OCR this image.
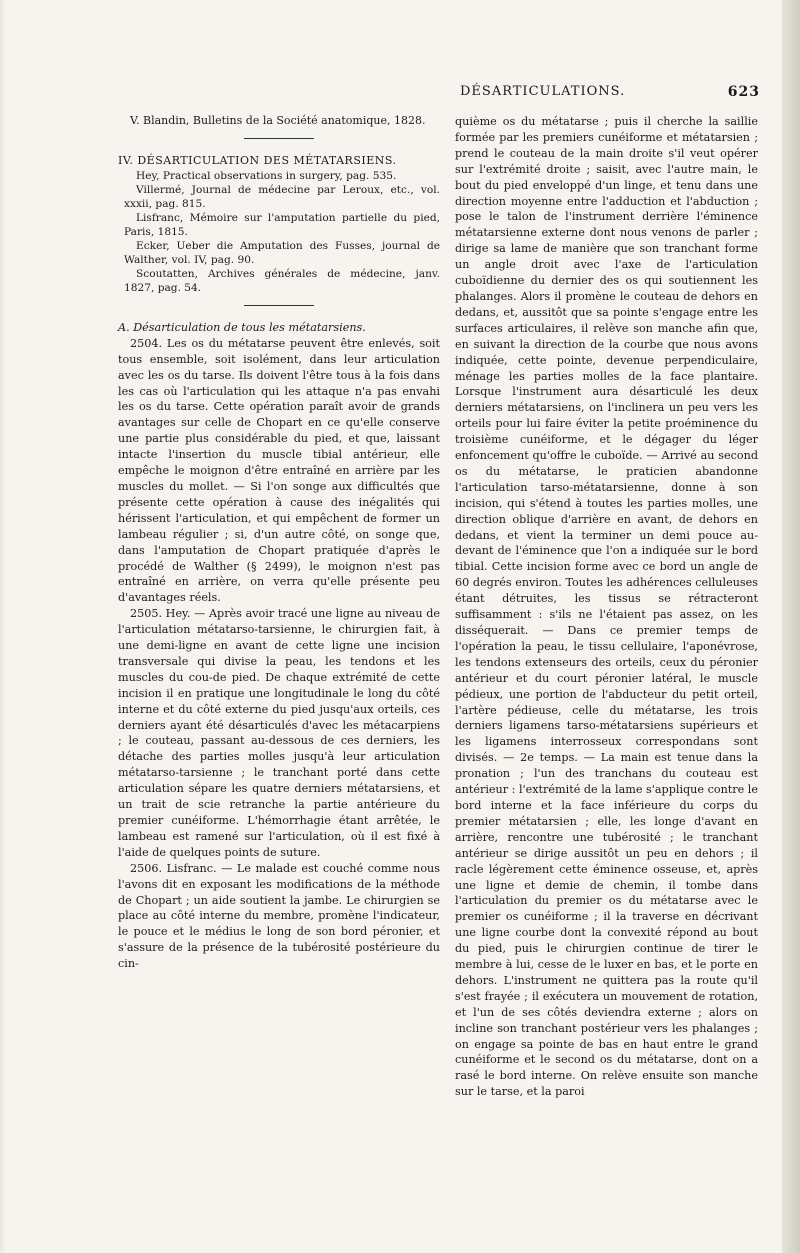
DÉSARTICULATIONS.	623

V. Blandin, Bulletins de la Société anatomique, 1828.

IV. DÉSARTICULATION DES MÉTATARSIENS.

Hey, Practical observations in surgery, pag. 535.

Villermé, Journal de médecine par Leroux, etc., vol. xxxii, pag. 815.

Lisfranc, Mémoire sur l'amputation partielle du pied, Paris, 1815.

Ecker, Ueber die Amputation des Fusses, journal de Walther, vol. IV, pag. 90.

Scoutatten, Archives générales de médecine, janv. 1827, pag. 54.

A. Désarticulation de tous les métatarsiens.

2504. Les os du métatarse peuvent être enlevés, soit tous ensemble, soit isolément, dans leur articulation avec les os du tarse. Ils doivent l'être tous à la fois dans les cas où l'articulation qui les attaque n'a pas envahi les os du tarse. Cette opération paraît avoir de grands avantages sur celle de Chopart en ce qu'elle conserve une partie plus considérable du pied, et que, laissant intacte l'insertion du muscle tibial antérieur, elle empêche le moignon d'être entraîné en arrière par les muscles du mollet. — Si l'on songe aux difficultés que présente cette opération à cause des inégalités qui hérissent l'articulation, et qui empêchent de former un lambeau régulier ; si, d'un autre côté, on songe que, dans l'amputation de Chopart pratiquée d'après le procédé de Walther (§ 2499), le moignon n'est pas entraîné en arrière, on verra qu'elle présente peu d'avantages réels.

2505. Hey. — Après avoir tracé une ligne au niveau de l'articulation métatarso-tarsienne, le chirurgien fait, à une demi-ligne en avant de cette ligne une incision transversale qui divise la peau, les tendons et les muscles du cou-de pied. De chaque extrémité de cette incision il en pratique une longitudinale le long du côté interne et du côté externe du pied jusqu'aux orteils, ces derniers ayant été désarticulés d'avec les métacarpiens ; le couteau, passant au-dessous de ces derniers, les détache des parties molles jusqu'à leur articulation métatarso-tarsienne ; le tranchant porté dans cette articulation sépare les quatre derniers métatarsiens, et un trait de scie retranche la partie antérieure du premier cunéiforme. L'hémorrhagie étant arrêtée, le lambeau est ramené sur l'articulation, où il est fixé à l'aide de quelques points de suture.

2506. Lisfranc. — Le malade est couché comme nous l'avons dit en exposant les modifications de la méthode de Chopart ; un aide soutient la jambe. Le chirurgien se place au côté interne du membre, promène l'indicateur, le pouce et le médius le long de son bord péronier, et s'assure de la présence de la tubérosité postérieure du cin-

quième os du métatarse ; puis il cherche la saillie formée par les premiers cunéiforme et métatarsien ; prend le couteau de la main droite s'il veut opérer sur l'extrémité droite ; saisit, avec l'autre main, le bout du pied enveloppé d'un linge, et tenu dans une direction moyenne entre l'adduction et l'abduction ; pose le talon de l'instrument derrière l'éminence métatarsienne externe dont nous venons de parler ; dirige sa lame de manière que son tranchant forme un angle droit avec l'axe de l'articulation cuboïdienne du dernier des os qui soutiennent les phalanges. Alors il promène le couteau de dehors en dedans, et, aussitôt que sa pointe s'engage entre les surfaces articulaires, il relève son manche afin que, en suivant la direction de la courbe que nous avons indiquée, cette pointe, devenue perpendiculaire, ménage les parties molles de la face plantaire. Lorsque l'instrument aura désarticulé les deux derniers métatarsiens, on l'inclinera un peu vers les orteils pour lui faire éviter la petite proéminence du troisième cunéiforme, et le dégager du léger enfoncement qu'offre le cuboïde. — Arrivé au second os du métatarse, le praticien abandonne l'articulation tarso-métatarsienne, donne à son incision, qui s'étend à toutes les parties molles, une direction oblique d'arrière en avant, de dehors en dedans, et vient la terminer un demi pouce au-devant de l'éminence que l'on a indiquée sur le bord tibial. Cette incision forme avec ce bord un angle de 60 degrés environ. Toutes les adhérences celluleuses étant détruites, les tissus se rétracteront suffisamment : s'ils ne l'étaient pas assez, on les disséquerait. — Dans ce premier temps de l'opération la peau, le tissu cellulaire, l'aponévrose, les tendons extenseurs des orteils, ceux du péronier antérieur et du court péronier latéral, le muscle pédieux, une portion de l'abducteur du petit orteil, l'artère pédieuse, celle du métatarse, les trois derniers ligamens tarso-métatarsiens supérieurs et les ligamens interrosseux correspondans sont divisés. — 2e temps. — La main est tenue dans la pronation ; l'un des tranchans du couteau est antérieur : l'extrémité de la lame s'applique contre le bord interne et la face inférieure du corps du premier métatarsien ; elle, les longe d'avant en arrière, rencontre une tubérosité ; le tranchant antérieur se dirige aussitôt un peu en dehors ; il racle légèrement cette éminence osseuse, et, après une ligne et demie de chemin, il tombe dans l'articulation du premier os du métatarse avec le premier os cunéiforme ; il la traverse en décrivant une ligne courbe dont la convexité répond au bout du pied, puis le chirurgien continue de tirer le membre à lui, cesse de le luxer en bas, et le porte en dehors. L'instrument ne quittera pas la route qu'il s'est frayée ; il exécutera un mouvement de rotation, et l'un de ses côtés deviendra externe ; alors on incline son tranchant postérieur vers les phalanges ; on engage sa pointe de bas en haut entre le grand cunéiforme et le second os du métatarse, dont on a rasé le bord interne. On relève ensuite son manche sur le tarse, et la paroi
